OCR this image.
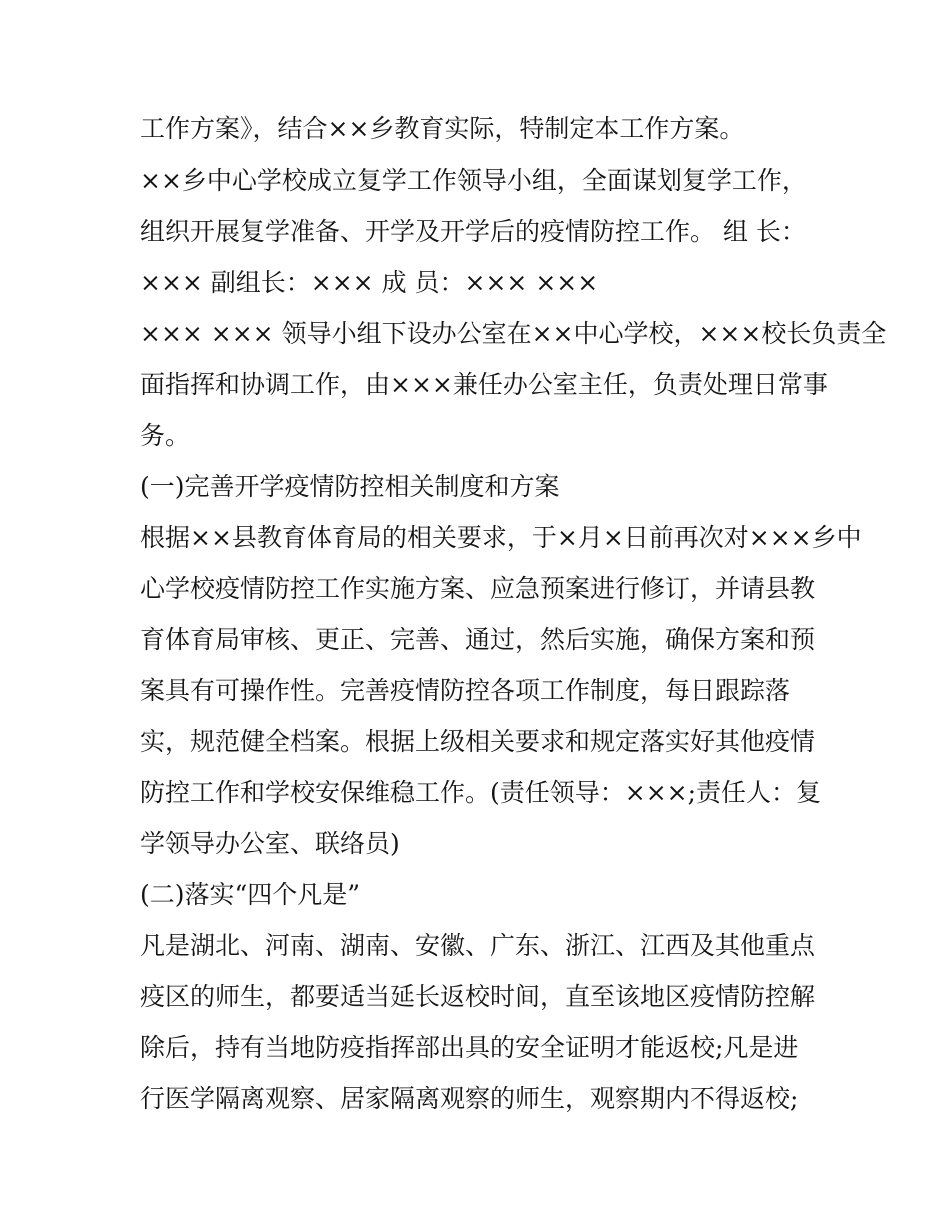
工作方案》，结合××乡教育实际，特制定本工作方案。
××乡中心学校成立复学工作领导小组，全面谋划复学工作，
组织开展复学准备、开学及开学后的疫情防控工作。 组 长：
××× 副组长：××× 成 员：××× ×××
××× ××× 领导小组下设办公室在××中心学校，×××校长负责全
面指挥和协调工作，由×××兼任办公室主任，负责处理日常事
务。
(一)完善开学疫情防控相关制度和方案
根据××县教育体育局的相关要求，于×月×日前再次对×××乡中
心学校疫情防控工作实施方案、应急预案进行修订，并请县教
育体育局审核、更正、完善、通过，然后实施，确保方案和预
案具有可操作性。完善疫情防控各项工作制度，每日跟踪落
实，规范健全档案。根据上级相关要求和规定落实好其他疫情
防控工作和学校安保维稳工作。(责任领导：×××;责任人：复
学领导办公室、联络员)
(二)落实“四个凡是”
凡是湖北、河南、湖南、安徽、广东、浙江、江西及其他重点
疫区的师生，都要适当延长返校时间，直至该地区疫情防控解
除后，持有当地防疫指挥部出具的安全证明才能返校;凡是进
行医学隔离观察、居家隔离观察的师生，观察期内不得返校;
